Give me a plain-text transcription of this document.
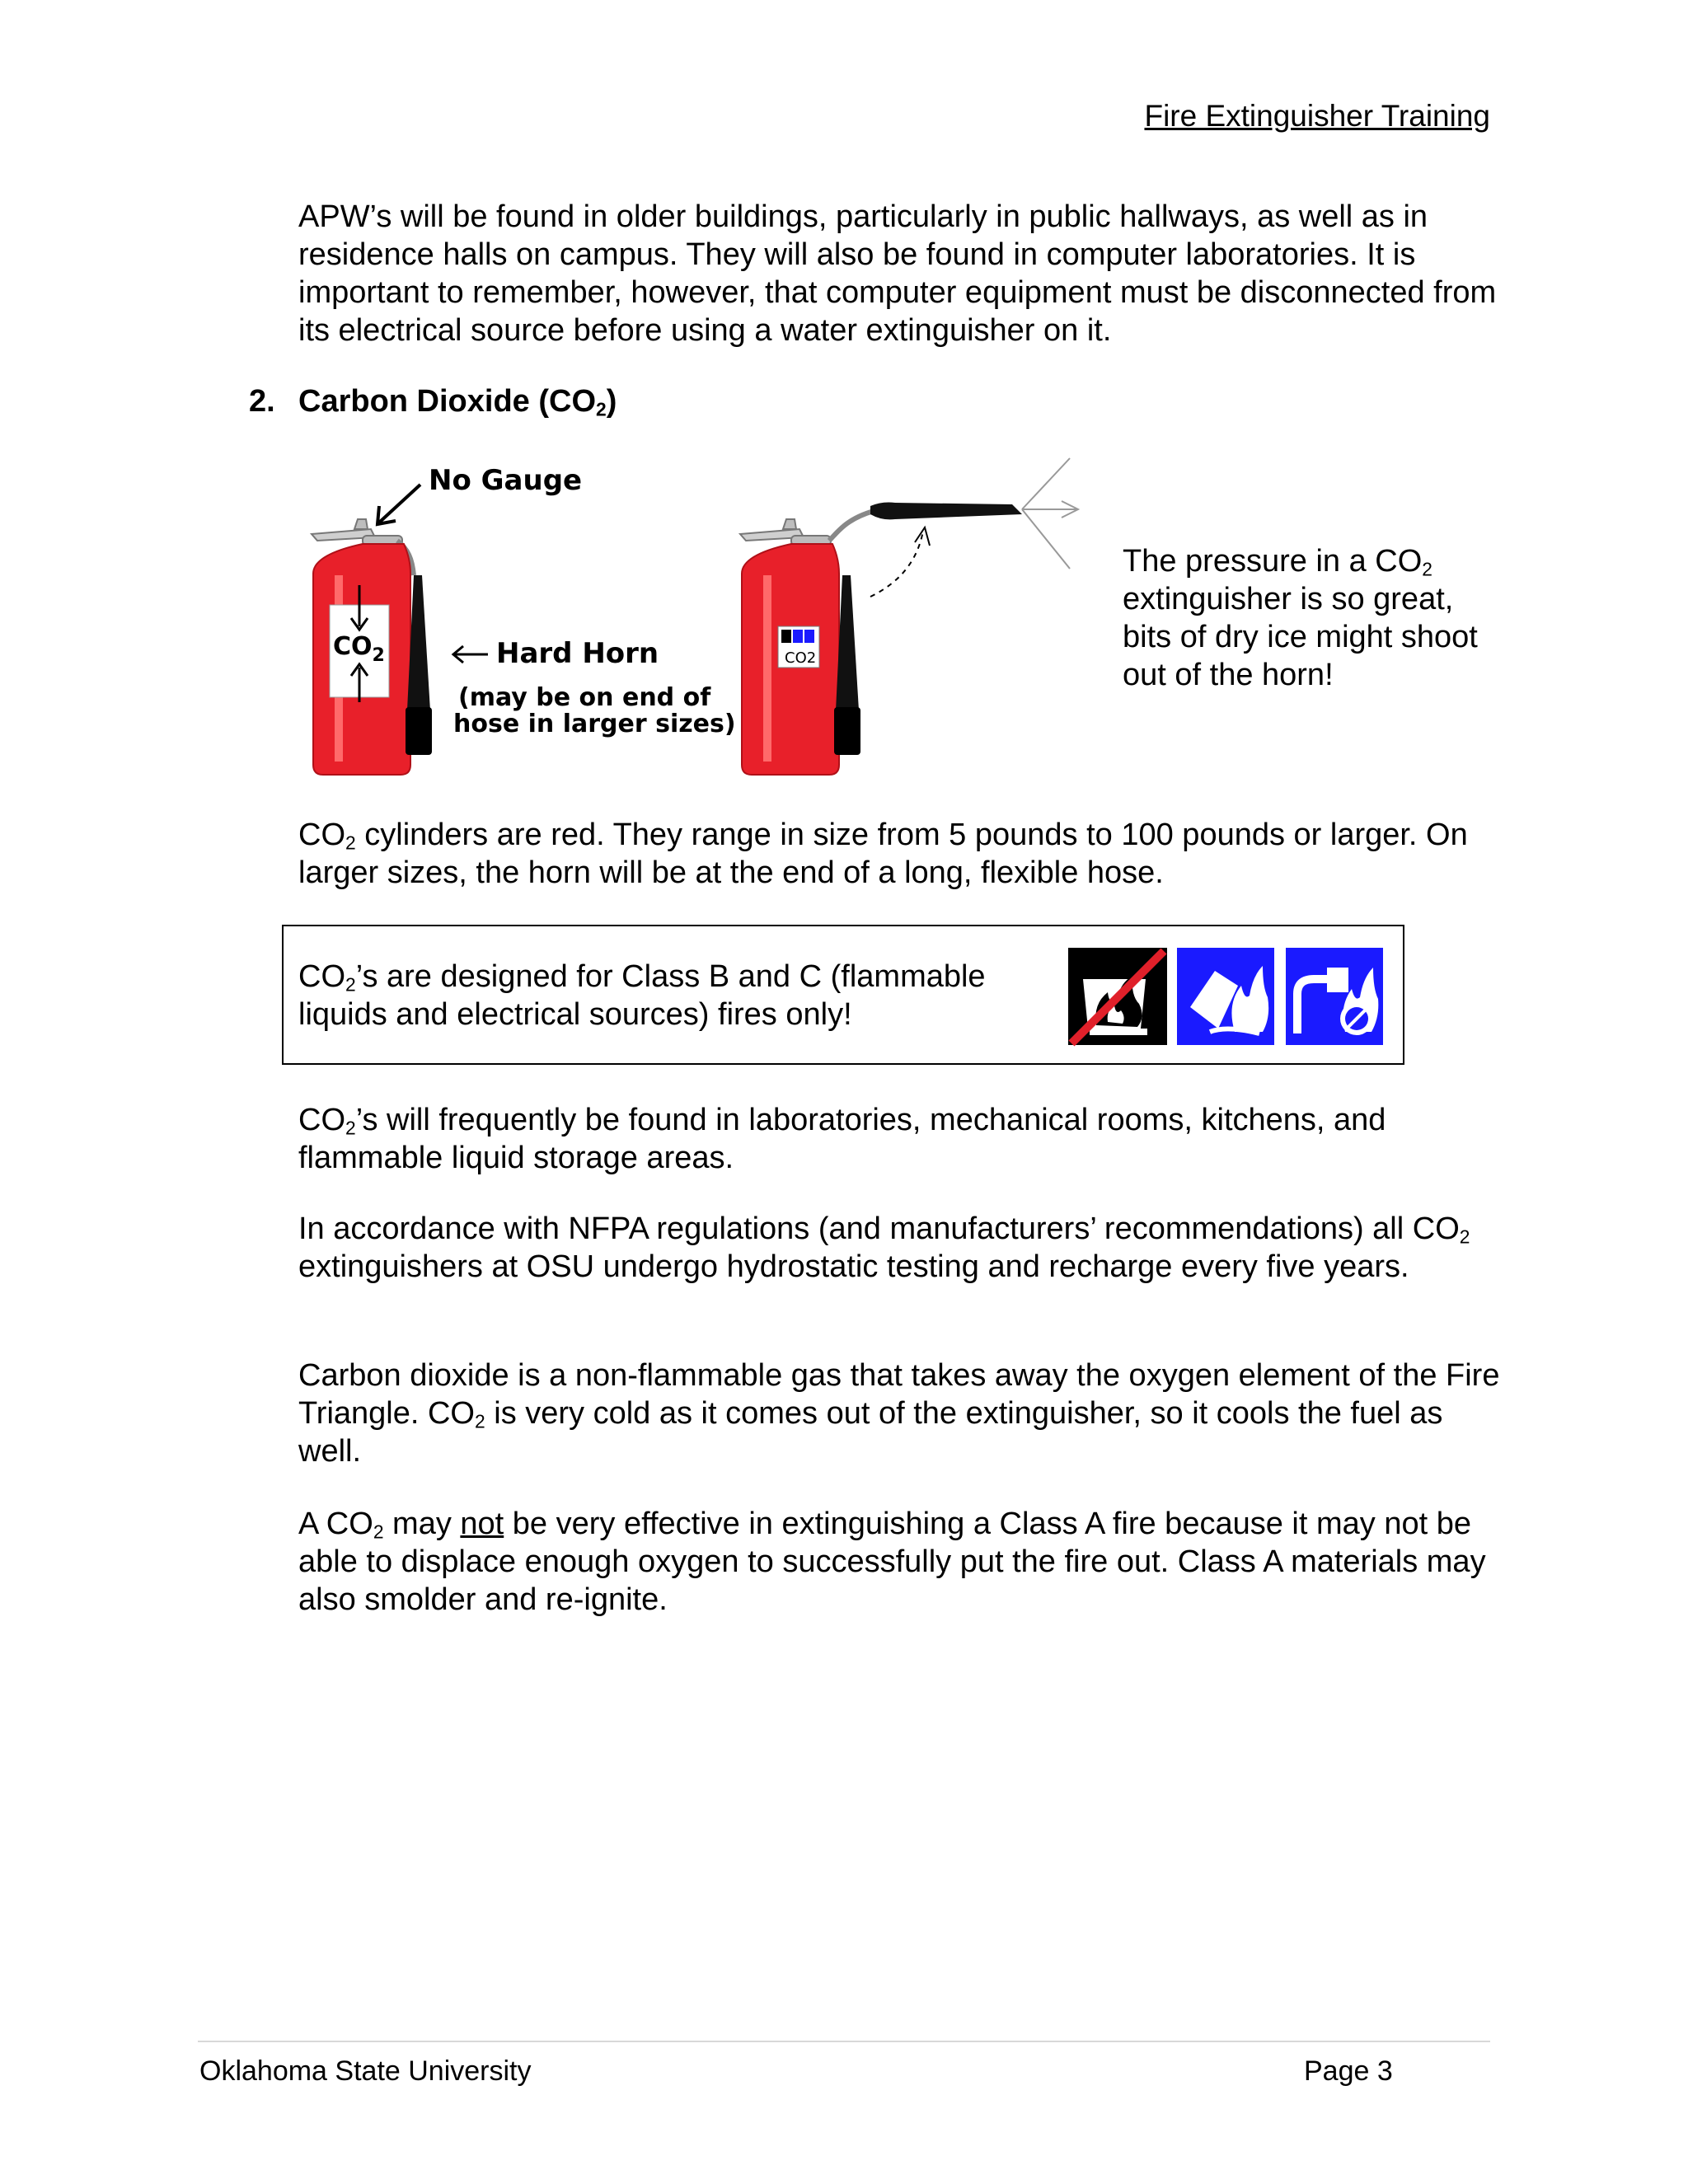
Fire Extinguisher Training
APW’s will be found in older buildings, particularly in public hallways, as well as in residence halls on campus. They will also be found in computer laboratories. It is important to remember, however, that computer equipment must be disconnected from its electrical source before using a water extinguisher on it.
2. Carbon Dioxide $(CO_2)$
$CO_2$
No Gauge
Hard Horn
(may be on end of
hose in larger sizes)
CO2
The pressure in a $CO_2$ extinguisher is so great, bits of dry ice might shoot out of the horn!
$CO_2$ cylinders are red. They range in size from 5 pounds to 100 pounds or larger. On larger sizes, the horn will be at the end of a long, flexible hose.
$CO_2’s$ are designed for Class B and C (flammable liquids and electrical sources) fires only!
$CO_2’s$ will frequently be found in laboratories, mechanical rooms, kitchens, and flammable liquid storage areas.
In accordance with NFPA regulations (and manufacturers’ recommendations) all $CO_2$ extinguishers at OSU undergo hydrostatic testing and recharge every five years.
Carbon dioxide is a non-flammable gas that takes away the oxygen element of the Fire Triangle. $CO_2$ is very cold as it comes out of the extinguisher, so it cools the fuel as well.
A $CO_2$ may not be very effective in extinguishing a Class A fire because it may not be able to displace enough oxygen to successfully put the fire out. Class A materials may also smolder and re-ignite.
Oklahoma State University	Page 3
